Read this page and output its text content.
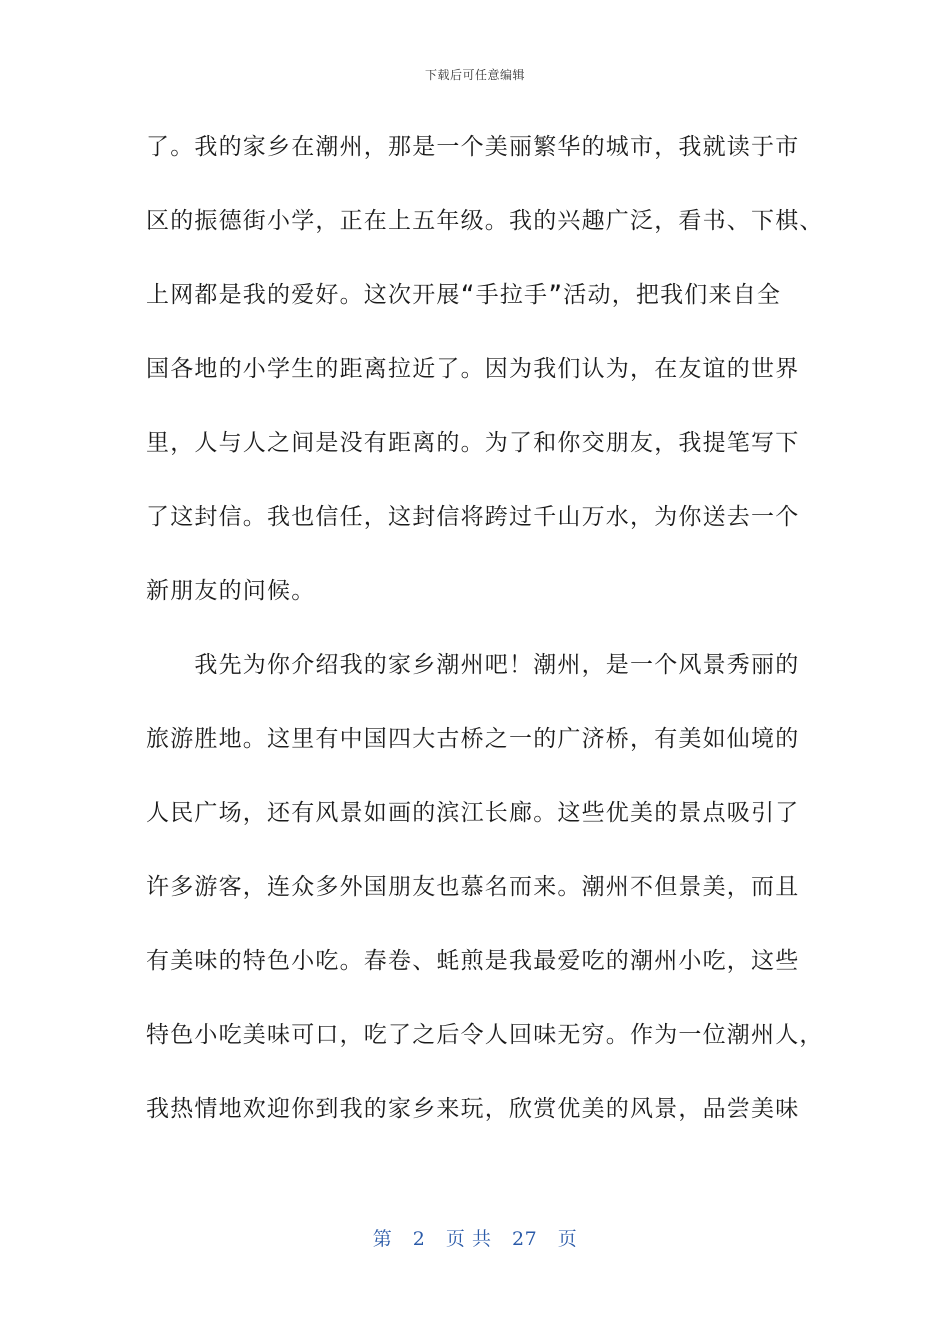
下载后可任意编辑
了。我的家乡在潮州，那是一个美丽繁华的城市，我就读于市
区的振德街小学，正在上五年级。我的兴趣广泛，看书、下棋、
上网都是我的爱好。这次开展“手拉手”活动，把我们来自全
国各地的小学生的距离拉近了。因为我们认为，在友谊的世界
里，人与人之间是没有距离的。为了和你交朋友，我提笔写下
了这封信。我也信任，这封信将跨过千山万水，为你送去一个
新朋友的问候。
　　我先为你介绍我的家乡潮州吧！潮州，是一个风景秀丽的
旅游胜地。这里有中国四大古桥之一的广济桥，有美如仙境的
人民广场，还有风景如画的滨江长廊。这些优美的景点吸引了
许多游客，连众多外国朋友也慕名而来。潮州不但景美，而且
有美味的特色小吃。春卷、蚝煎是我最爱吃的潮州小吃，这些
特色小吃美味可口，吃了之后令人回味无穷。作为一位潮州人，
我热情地欢迎你到我的家乡来玩，欣赏优美的风景，品尝美味
第 2 页 共 27 页
